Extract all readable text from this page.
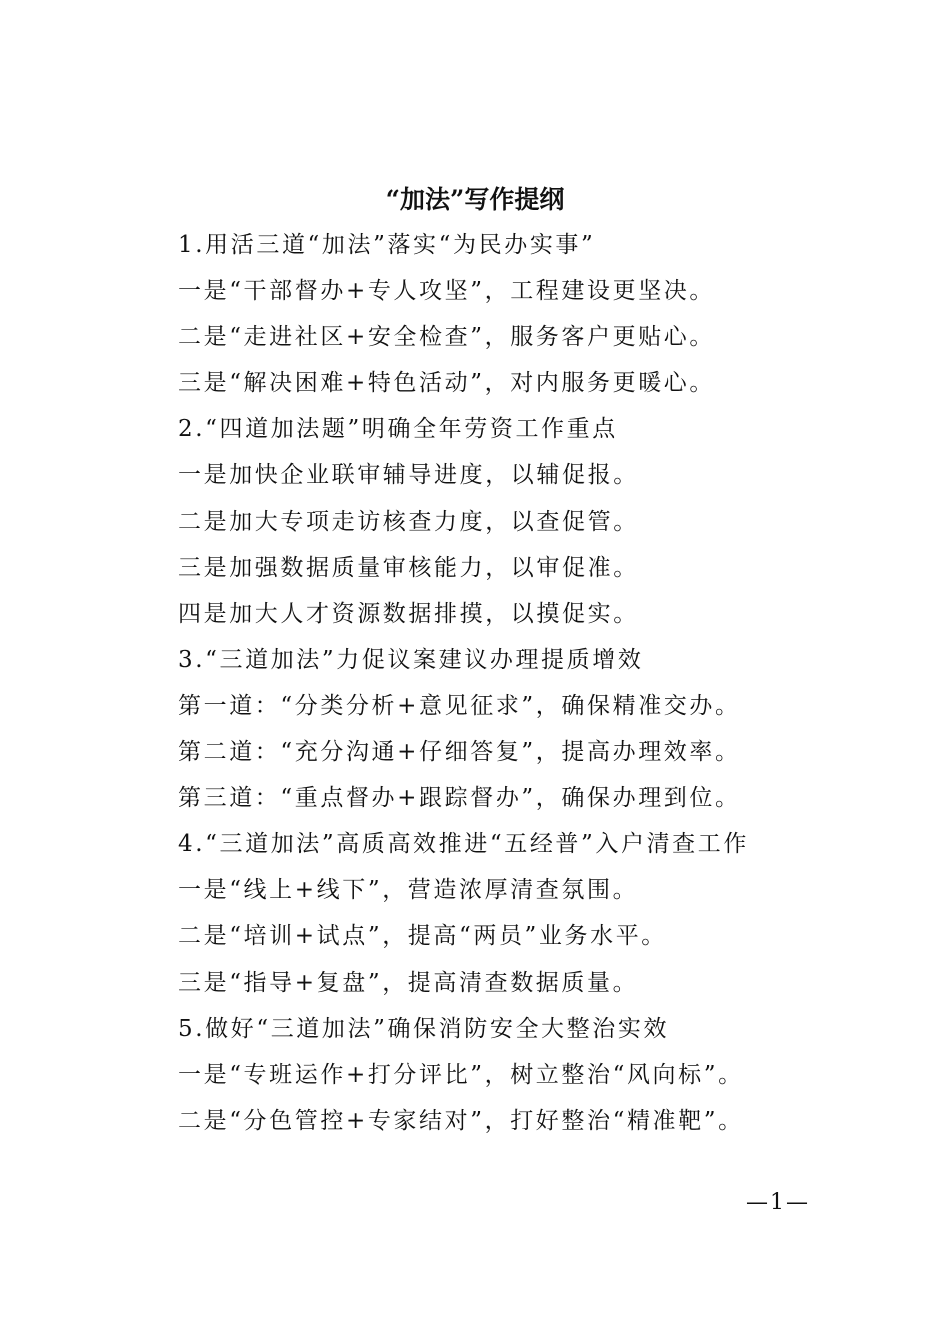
“加法”写作提纲
1.用活三道“加法”落实“为民办实事”
一是“干部督办+专人攻坚”，工程建设更坚决。
二是“走进社区+安全检查”，服务客户更贴心。
三是“解决困难+特色活动”，对内服务更暖心。
2.“四道加法题”明确全年劳资工作重点
一是加快企业联审辅导进度，以辅促报。
二是加大专项走访核查力度，以查促管。
三是加强数据质量审核能力，以审促准。
四是加大人才资源数据排摸，以摸促实。
3.“三道加法”力促议案建议办理提质增效
第一道：“分类分析+意见征求”，确保精准交办。
第二道：“充分沟通+仔细答复”，提高办理效率。
第三道：“重点督办+跟踪督办”，确保办理到位。
4.“三道加法”高质高效推进“五经普”入户清查工作
一是“线上+线下”，营造浓厚清查氛围。
二是“培训+试点”，提高“两员”业务水平。
三是“指导+复盘”，提高清查数据质量。
5.做好“三道加法”确保消防安全大整治实效
一是“专班运作+打分评比”，树立整治“风向标”。
二是“分色管控+专家结对”，打好整治“精准靶”。
—1—
